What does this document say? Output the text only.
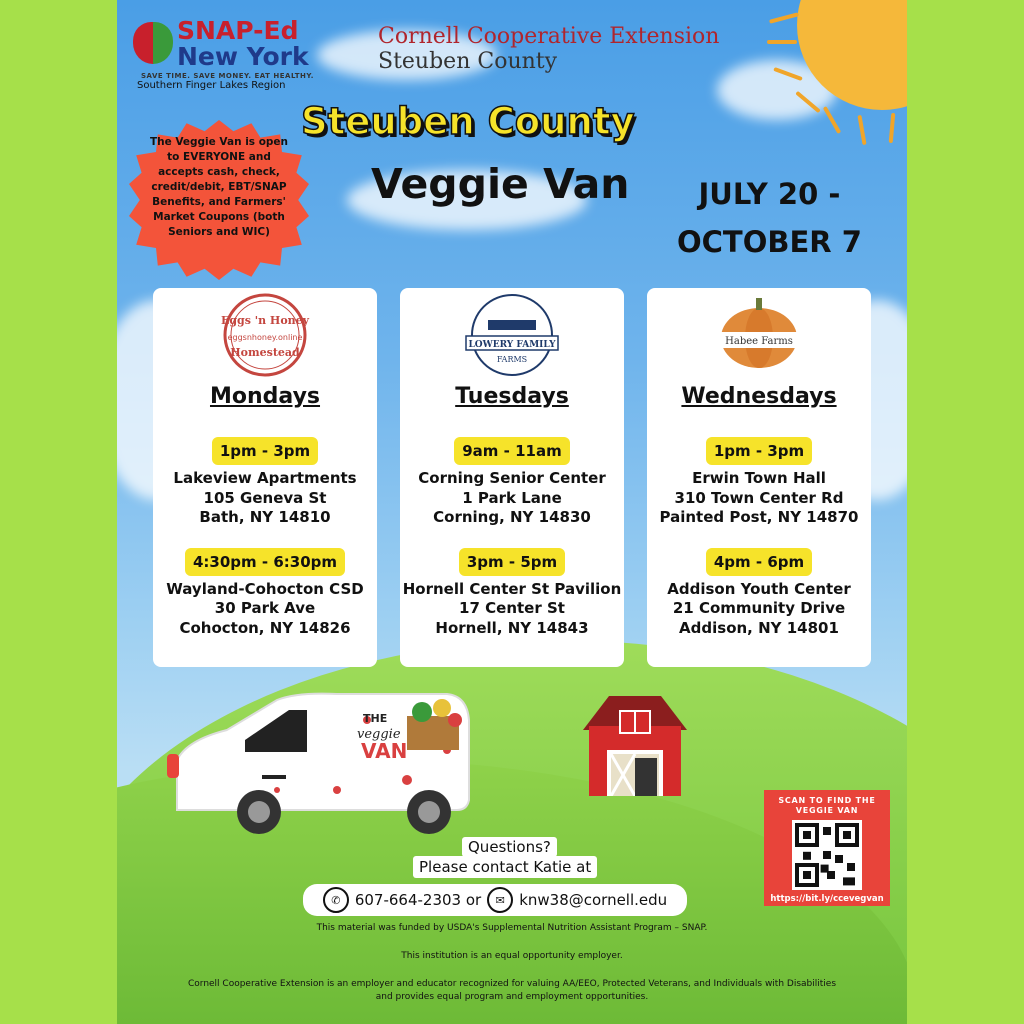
SNAP-Ed
New York
SAVE TIME. SAVE MONEY. EAT HEALTHY.
Southern Finger Lakes Region
Cornell Cooperative Extension
Steuben County
Steuben County
Veggie Van	JULY 20 -
OCTOBER 7
The Veggie Van is open to EVERYONE and accepts cash, check, credit/debit, EBT/SNAP Benefits, and Farmers' Market Coupons (both Seniors and WIC)
Eggs 'n Honey
eggsnhoney.online
Homestead
Mondays
1pm - 3pm
Lakeview Apartments
105 Geneva St
Bath, NY 14810
4:30pm - 6:30pm
Wayland-Cohocton CSD
30 Park Ave
Cohocton, NY 14826
LOWERY FAMILY
FARMS
Tuesdays
9am - 11am
Corning Senior Center
1 Park Lane
Corning, NY 14830
3pm - 5pm
Hornell Center St Pavilion
17 Center St
Hornell, NY 14843
Habee Farms
Wednesdays
1pm - 3pm
Erwin Town Hall
310 Town Center Rd
Painted Post, NY 14870
4pm - 6pm
Addison Youth Center
21 Community Drive
Addison, NY 14801
THE
veggie
VAN
SCAN TO FIND THE VEGGIE VAN
https://bit.ly/ccevegvan
Questions?
Please contact Katie at
✆ 607-664-2303 or	✉ knw38@cornell.edu
This material was funded by USDA's Supplemental Nutrition Assistant Program – SNAP.
This institution is an equal opportunity employer.
Cornell Cooperative Extension is an employer and educator recognized for valuing AA/EEO, Protected Veterans, and Individuals with Disabilities
and provides equal program and employment opportunities.
